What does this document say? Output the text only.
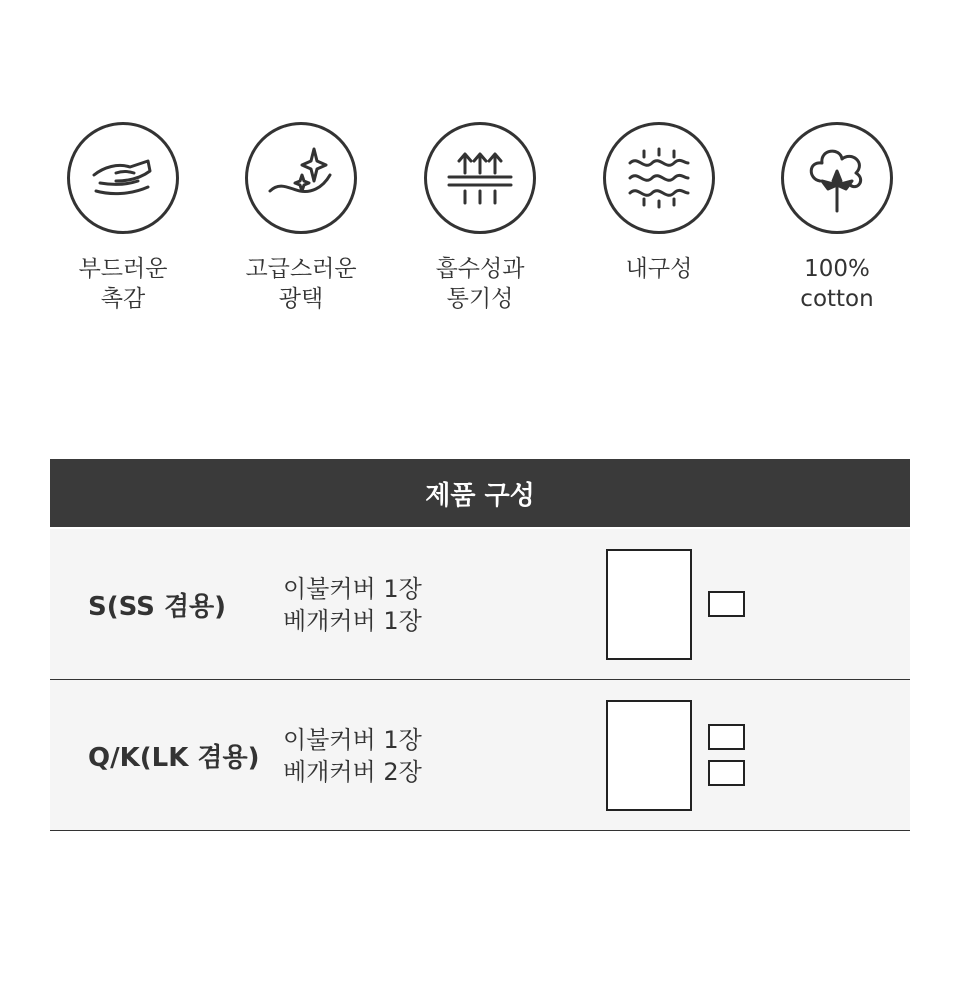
부드러운
촉감
고급스러운
광택
흡수성과
통기성
내구성	100%
cotton
제품 구성
S(SS 겸용)
이불커버 1장
베개커버 1장
Q/K(LK 겸용)
이불커버 1장
베개커버 2장
